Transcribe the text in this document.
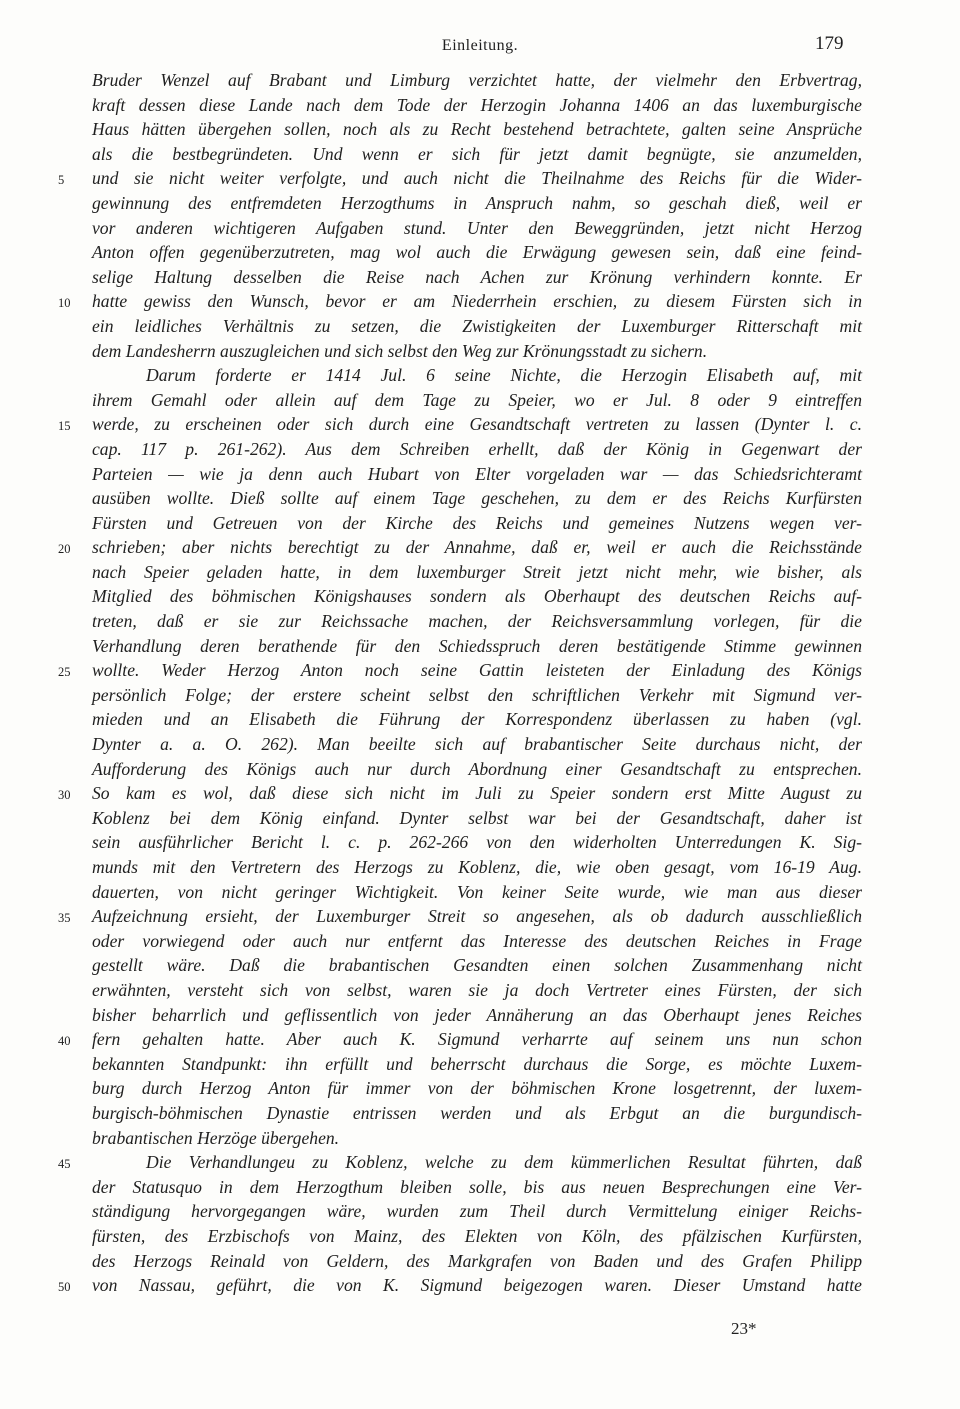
Einleitung.	179
Bruder Wenzel auf Brabant und Limburg verzichtet hatte, der vielmehr den Erbvertrag,
kraft dessen diese Lande nach dem Tode der Herzogin Johanna 1406 an das luxemburgische
Haus hätten übergehen sollen, noch als zu Recht bestehend betrachtete, galten seine Ansprüche
als die bestbegründeten. Und wenn er sich für jetzt damit begnügte, sie anzumelden,
5	und sie nicht weiter verfolgte, und auch nicht die Theilnahme des Reichs für die Wider-
gewinnung des entfremdeten Herzogthums in Anspruch nahm, so geschah dieß, weil er
vor anderen wichtigeren Aufgaben stund. Unter den Beweggründen, jetzt nicht Herzog
Anton offen gegenüberzutreten, mag wol auch die Erwägung gewesen sein, daß eine feind-
selige Haltung desselben die Reise nach Achen zur Krönung verhindern konnte. Er
10	hatte gewiss den Wunsch, bevor er am Niederrhein erschien, zu diesem Fürsten sich in
ein leidliches Verhältnis zu setzen, die Zwistigkeiten der Luxemburger Ritterschaft mit
dem Landesherrn auszugleichen und sich selbst den Weg zur Krönungsstadt zu sichern.
Darum forderte er 1414 Jul. 6 seine Nichte, die Herzogin Elisabeth auf, mit
ihrem Gemahl oder allein auf dem Tage zu Speier, wo er Jul. 8 oder 9 eintreffen
15	werde, zu erscheinen oder sich durch eine Gesandtschaft vertreten zu lassen (Dynter l. c.
cap. 117 p. 261-262). Aus dem Schreiben erhellt, daß der König in Gegenwart der
Parteien — wie ja denn auch Hubart von Elter vorgeladen war — das Schiedsrichteramt
ausüben wollte. Dieß sollte auf einem Tage geschehen, zu dem er des Reichs Kurfürsten
Fürsten und Getreuen von der Kirche des Reichs und gemeines Nutzens wegen ver-
20	schrieben; aber nichts berechtigt zu der Annahme, daß er, weil er auch die Reichsstände
nach Speier geladen hatte, in dem luxemburger Streit jetzt nicht mehr, wie bisher, als
Mitglied des böhmischen Königshauses sondern als Oberhaupt des deutschen Reichs auf-
treten, daß er sie zur Reichssache machen, der Reichsversammlung vorlegen, für die
Verhandlung deren berathende für den Schiedsspruch deren bestätigende Stimme gewinnen
25	wollte. Weder Herzog Anton noch seine Gattin leisteten der Einladung des Königs
persönlich Folge; der erstere scheint selbst den schriftlichen Verkehr mit Sigmund ver-
mieden und an Elisabeth die Führung der Korrespondenz überlassen zu haben (vgl.
Dynter a. a. O. 262). Man beeilte sich auf brabantischer Seite durchaus nicht, der
Aufforderung des Königs auch nur durch Abordnung einer Gesandtschaft zu entsprechen.
30	So kam es wol, daß diese sich nicht im Juli zu Speier sondern erst Mitte August zu
Koblenz bei dem König einfand. Dynter selbst war bei der Gesandtschaft, daher ist
sein ausführlicher Bericht l. c. p. 262-266 von den widerholten Unterredungen K. Sig-
munds mit den Vertretern des Herzogs zu Koblenz, die, wie oben gesagt, vom 16-19 Aug.
dauerten, von nicht geringer Wichtigkeit. Von keiner Seite wurde, wie man aus dieser
35	Aufzeichnung ersieht, der Luxemburger Streit so angesehen, als ob dadurch ausschließlich
oder vorwiegend oder auch nur entfernt das Interesse des deutschen Reiches in Frage
gestellt wäre. Daß die brabantischen Gesandten einen solchen Zusammenhang nicht
erwähnten, versteht sich von selbst, waren sie ja doch Vertreter eines Fürsten, der sich
bisher beharrlich und geflissentlich von jeder Annäherung an das Oberhaupt jenes Reiches
40	fern gehalten hatte. Aber auch K. Sigmund verharrte auf seinem uns nun schon
bekannten Standpunkt: ihn erfüllt und beherrscht durchaus die Sorge, es möchte Luxem-
burg durch Herzog Anton für immer von der böhmischen Krone losgetrennt, der luxem-
burgisch-böhmischen Dynastie entrissen werden und als Erbgut an die burgundisch-
brabantischen Herzöge übergehen.
45	Die Verhandlungeu zu Koblenz, welche zu dem kümmerlichen Resultat führten, daß
der Statusquo in dem Herzogthum bleiben solle, bis aus neuen Besprechungen eine Ver-
ständigung hervorgegangen wäre, wurden zum Theil durch Vermittelung einiger Reichs-
fürsten, des Erzbischofs von Mainz, des Elekten von Köln, des pfälzischen Kurfürsten,
des Herzogs Reinald von Geldern, des Markgrafen von Baden und des Grafen Philipp
50	von Nassau, geführt, die von K. Sigmund beigezogen waren. Dieser Umstand hatte
23*
